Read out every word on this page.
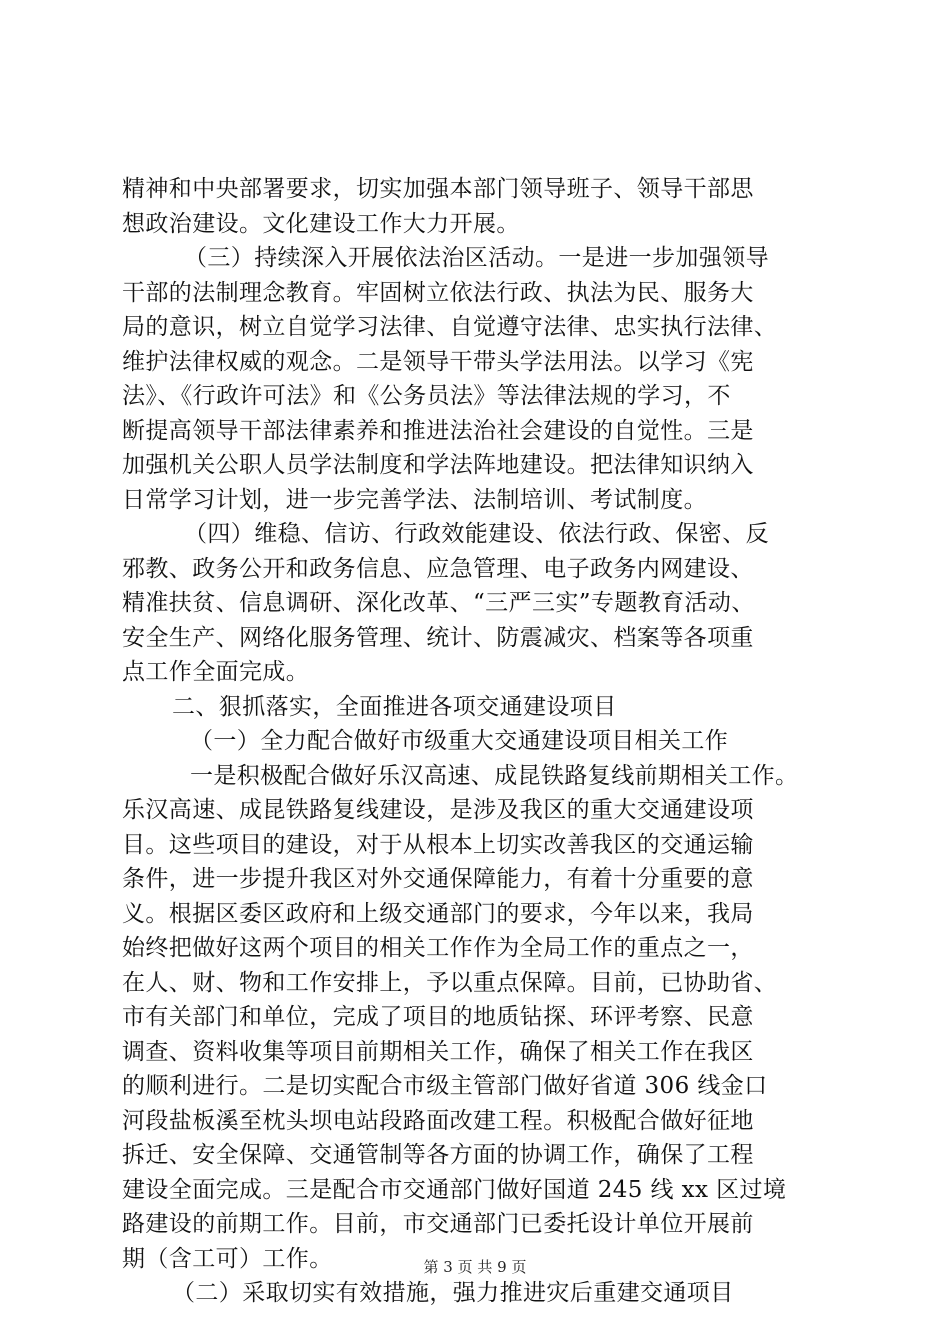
精神和中央部署要求，切实加强本部门领导班子、领导干部思
想政治建设。文化建设工作大力开展。
（三）持续深入开展依法治区活动。一是进一步加强领导
干部的法制理念教育。牢固树立依法行政、执法为民、服务大
局的意识，树立自觉学习法律、自觉遵守法律、忠实执行法律、
维护法律权威的观念。二是领导干带头学法用法。以学习《宪
法》、《行政许可法》和《公务员法》等法律法规的学习，不
断提高领导干部法律素养和推进法治社会建设的自觉性。三是
加强机关公职人员学法制度和学法阵地建设。把法律知识纳入
日常学习计划，进一步完善学法、法制培训、考试制度。
（四）维稳、信访、行政效能建设、依法行政、保密、反
邪教、政务公开和政务信息、应急管理、电子政务内网建设、
精准扶贫、信息调研、深化改革、“三严三实”专题教育活动、
安全生产、网络化服务管理、统计、防震减灾、档案等各项重
点工作全面完成。
二、狠抓落实，全面推进各项交通建设项目
（一）全力配合做好市级重大交通建设项目相关工作
一是积极配合做好乐汉高速、成昆铁路复线前期相关工作。
乐汉高速、成昆铁路复线建设，是涉及我区的重大交通建设项
目。这些项目的建设，对于从根本上切实改善我区的交通运输
条件，进一步提升我区对外交通保障能力，有着十分重要的意
义。根据区委区政府和上级交通部门的要求，今年以来，我局
始终把做好这两个项目的相关工作作为全局工作的重点之一，
在人、财、物和工作安排上，予以重点保障。目前，已协助省、
市有关部门和单位，完成了项目的地质钻探、环评考察、民意
调查、资料收集等项目前期相关工作，确保了相关工作在我区
的顺利进行。二是切实配合市级主管部门做好省道 306 线金口
河段盐板溪至枕头坝电站段路面改建工程。积极配合做好征地
拆迁、安全保障、交通管制等各方面的协调工作，确保了工程
建设全面完成。三是配合市交通部门做好国道 245 线 xx 区过境
路建设的前期工作。目前，市交通部门已委托设计单位开展前
期（含工可）工作。
（二）采取切实有效措施，强力推进灾后重建交通项目
第 3 页 共 9 页
